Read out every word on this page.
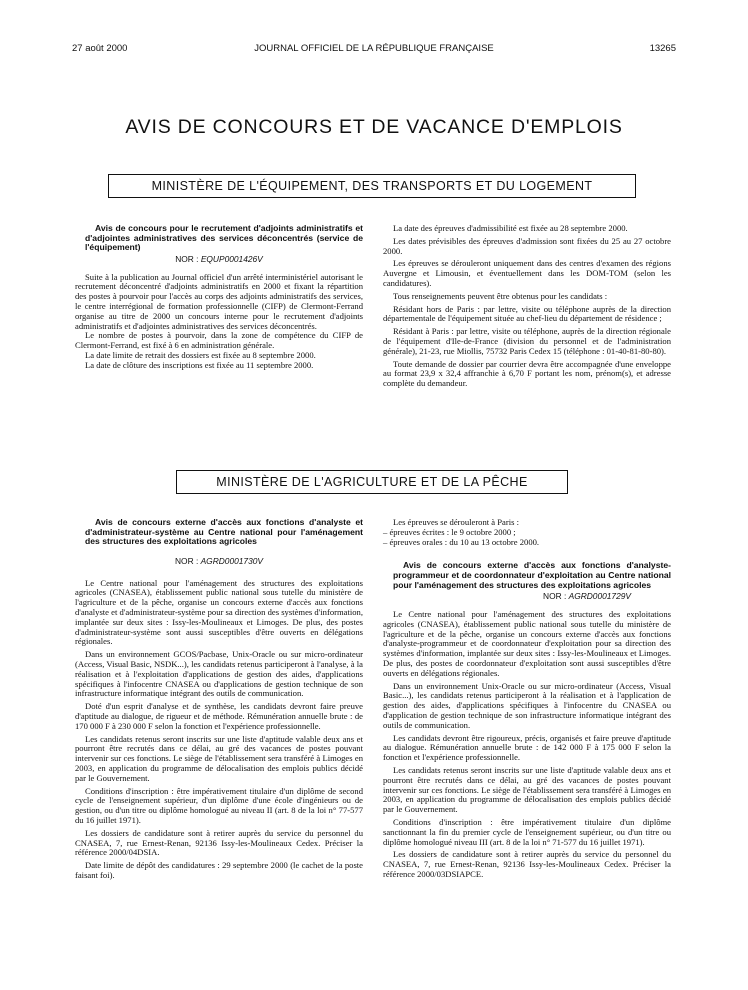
27 août 2000	JOURNAL OFFICIEL DE LA RÉPUBLIQUE FRANÇAISE	13265
AVIS DE CONCOURS ET DE VACANCE D'EMPLOIS
MINISTÈRE DE L'ÉQUIPEMENT, DES TRANSPORTS ET DU LOGEMENT

Avis de concours pour le recrutement d'adjoints administratifs et d'adjointes administratives des services déconcentrés (service de l'équipement)

NOR : EQUP0001426V

Suite à la publication au Journal officiel d'un arrêté interministériel autorisant le recrutement déconcentré d'adjoints administratifs en 2000 et fixant la répartition des postes à pourvoir pour l'accès au corps des adjoints administratifs des services, le centre interrégional de formation professionnelle (CIFP) de Clermont-Ferrand organise au titre de 2000 un concours interne pour le recrutement d'adjoints administratifs et d'adjointes administratives des services déconcentrés.

Le nombre de postes à pourvoir, dans la zone de compétence du CIFP de Clermont-Ferrand, est fixé à 6 en administration générale.

La date limite de retrait des dossiers est fixée au 8 septembre 2000.

La date de clôture des inscriptions est fixée au 11 septembre 2000.

La date des épreuves d'admissibilité est fixée au 28 septembre 2000.

Les dates prévisibles des épreuves d'admission sont fixées du 25 au 27 octobre 2000.

Les épreuves se dérouleront uniquement dans des centres d'examen des régions Auvergne et Limousin, et éventuellement dans les DOM-TOM (selon les candidatures).

Tous renseignements peuvent être obtenus pour les candidats :

Résidant hors de Paris : par lettre, visite ou téléphone auprès de la direction départementale de l'équipement située au chef-lieu du département de résidence ;

Résidant à Paris : par lettre, visite ou téléphone, auprès de la direction régionale de l'équipement d'Ile-de-France (division du personnel et de l'administration générale), 21-23, rue Miollis, 75732 Paris Cedex 15 (téléphone : 01-40-81-80-80).

Toute demande de dossier par courrier devra être accompagnée d'une enveloppe au format 23,9 x 32,4 affranchie à 6,70 F portant les nom, prénom(s), et adresse complète du demandeur.

MINISTÈRE DE L'AGRICULTURE ET DE LA PÊCHE

Avis de concours externe d'accès aux fonctions d'analyste et d'administrateur-système au Centre national pour l'aménagement des structures des exploitations agricoles

NOR : AGRD0001730V

Le Centre national pour l'aménagement des structures des exploitations agricoles (CNASEA), établissement public national sous tutelle du ministère de l'agriculture et de la pêche, organise un concours externe d'accès aux fonctions d'analyste et d'administrateur-système pour sa direction des systèmes d'information, implantée sur deux sites : Issy-les-Moulineaux et Limoges. De plus, des postes d'administrateur-système sont aussi susceptibles d'être ouverts en délégations régionales.

Dans un environnement GCOS/Pacbase, Unix-Oracle ou sur micro-ordinateur (Access, Visual Basic, NSDK...), les candidats retenus participeront à l'analyse, à la réalisation et à l'exploitation d'applications de gestion des aides, d'applications spécifiques à l'infocentre CNASEA ou d'applications de gestion technique de son infrastructure informatique intégrant des outils de communication.

Doté d'un esprit d'analyse et de synthèse, les candidats devront faire preuve d'aptitude au dialogue, de rigueur et de méthode. Rémunération annuelle brute : de 170 000 F à 230 000 F selon la fonction et l'expérience professionnelle.

Les candidats retenus seront inscrits sur une liste d'aptitude valable deux ans et pourront être recrutés dans ce délai, au gré des vacances de postes pouvant intervenir sur ces fonctions. Le siège de l'établissement sera transféré à Limoges en 2003, en application du programme de délocalisation des emplois publics décidé par le Gouvernement.

Conditions d'inscription : être impérativement titulaire d'un diplôme de second cycle de l'enseignement supérieur, d'un diplôme d'une école d'ingénieurs ou de gestion, ou d'un titre ou diplôme homologué au niveau II (art. 8 de la loi n° 77-577 du 16 juillet 1971).

Les dossiers de candidature sont à retirer auprès du service du personnel du CNASEA, 7, rue Ernest-Renan, 92136 Issy-les-Moulineaux Cedex. Préciser la référence 2000/04DSIA.

Date limite de dépôt des candidatures : 29 septembre 2000 (le cachet de la poste faisant foi).

Les épreuves se dérouleront à Paris :

– épreuves écrites : le 9 octobre 2000 ;

– épreuves orales : du 10 au 13 octobre 2000.

Avis de concours externe d'accès aux fonctions d'analyste-programmeur et de coordonnateur d'exploitation au Centre national pour l'aménagement des structures des exploitations agricoles

NOR : AGRD0001729V

Le Centre national pour l'aménagement des structures des exploitations agricoles (CNASEA), établissement public national sous tutelle du ministère de l'agriculture et de la pêche, organise un concours externe d'accès aux fonctions d'analyste-programmeur et de coordonnateur d'exploitation pour sa direction des systèmes d'information, implantée sur deux sites : Issy-les-Moulineaux et Limoges. De plus, des postes de coordonnateur d'exploitation sont aussi susceptibles d'être ouverts en délégations régionales.

Dans un environnement Unix-Oracle ou sur micro-ordinateur (Access, Visual Basic...), les candidats retenus participeront à la réalisation et à l'application de gestion des aides, d'applications spécifiques à l'infocentre du CNASEA ou d'application de gestion technique de son infrastructure informatique intégrant des outils de communication.

Les candidats devront être rigoureux, précis, organisés et faire preuve d'aptitude au dialogue. Rémunération annuelle brute : de 142 000 F à 175 000 F selon la fonction et l'expérience professionnelle.

Les candidats retenus seront inscrits sur une liste d'aptitude valable deux ans et pourront être recrutés dans ce délai, au gré des vacances de postes pouvant intervenir sur ces fonctions. Le siège de l'établissement sera transféré à Limoges en 2003, en application du programme de délocalisation des emplois publics décidé par le Gouvernement.

Conditions d'inscription : être impérativement titulaire d'un diplôme sanctionnant la fin du premier cycle de l'enseignement supérieur, ou d'un titre ou diplôme homologué niveau III (art. 8 de la loi n° 71-577 du 16 juillet 1971).

Les dossiers de candidature sont à retirer auprès du service du personnel du CNASEA, 7, rue Ernest-Renan, 92136 Issy-les-Moulineaux Cedex. Préciser la référence 2000/03DSIAPCE.
